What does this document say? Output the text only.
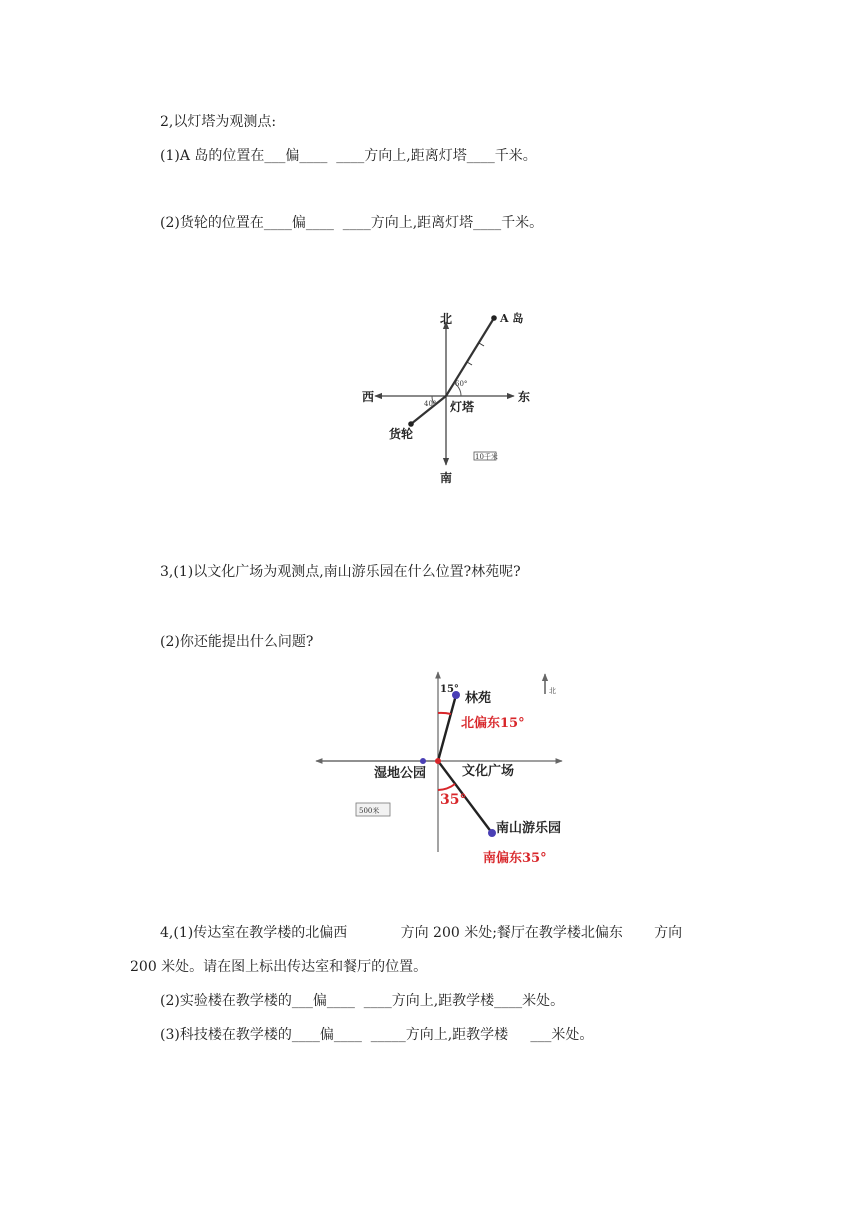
2,以灯塔为观测点:
(1)A 岛的位置在___偏____  ____方向上,距离灯塔____千米。
(2)货轮的位置在____偏____  ____方向上,距离灯塔____千米。
北
南
西	东
A 岛
灯塔
货轮
60°
40°
10千米
3,(1)以文化广场为观测点,南山游乐园在什么位置?林苑呢?
(2)你还能提出什么问题?
15°
林苑
北偏东15°
湿地公园	文化广场
35°
南山游乐园
南偏东35°
北
500米
4,(1)传达室在教学楼的北偏西            方向 200 米处;餐厅在教学楼北偏东       方向
200 米处。请在图上标出传达室和餐厅的位置。
(2)实验楼在教学楼的___偏____  ____方向上,距教学楼____米处。
(3)科技楼在教学楼的____偏____  _____方向上,距教学楼     ___米处。
